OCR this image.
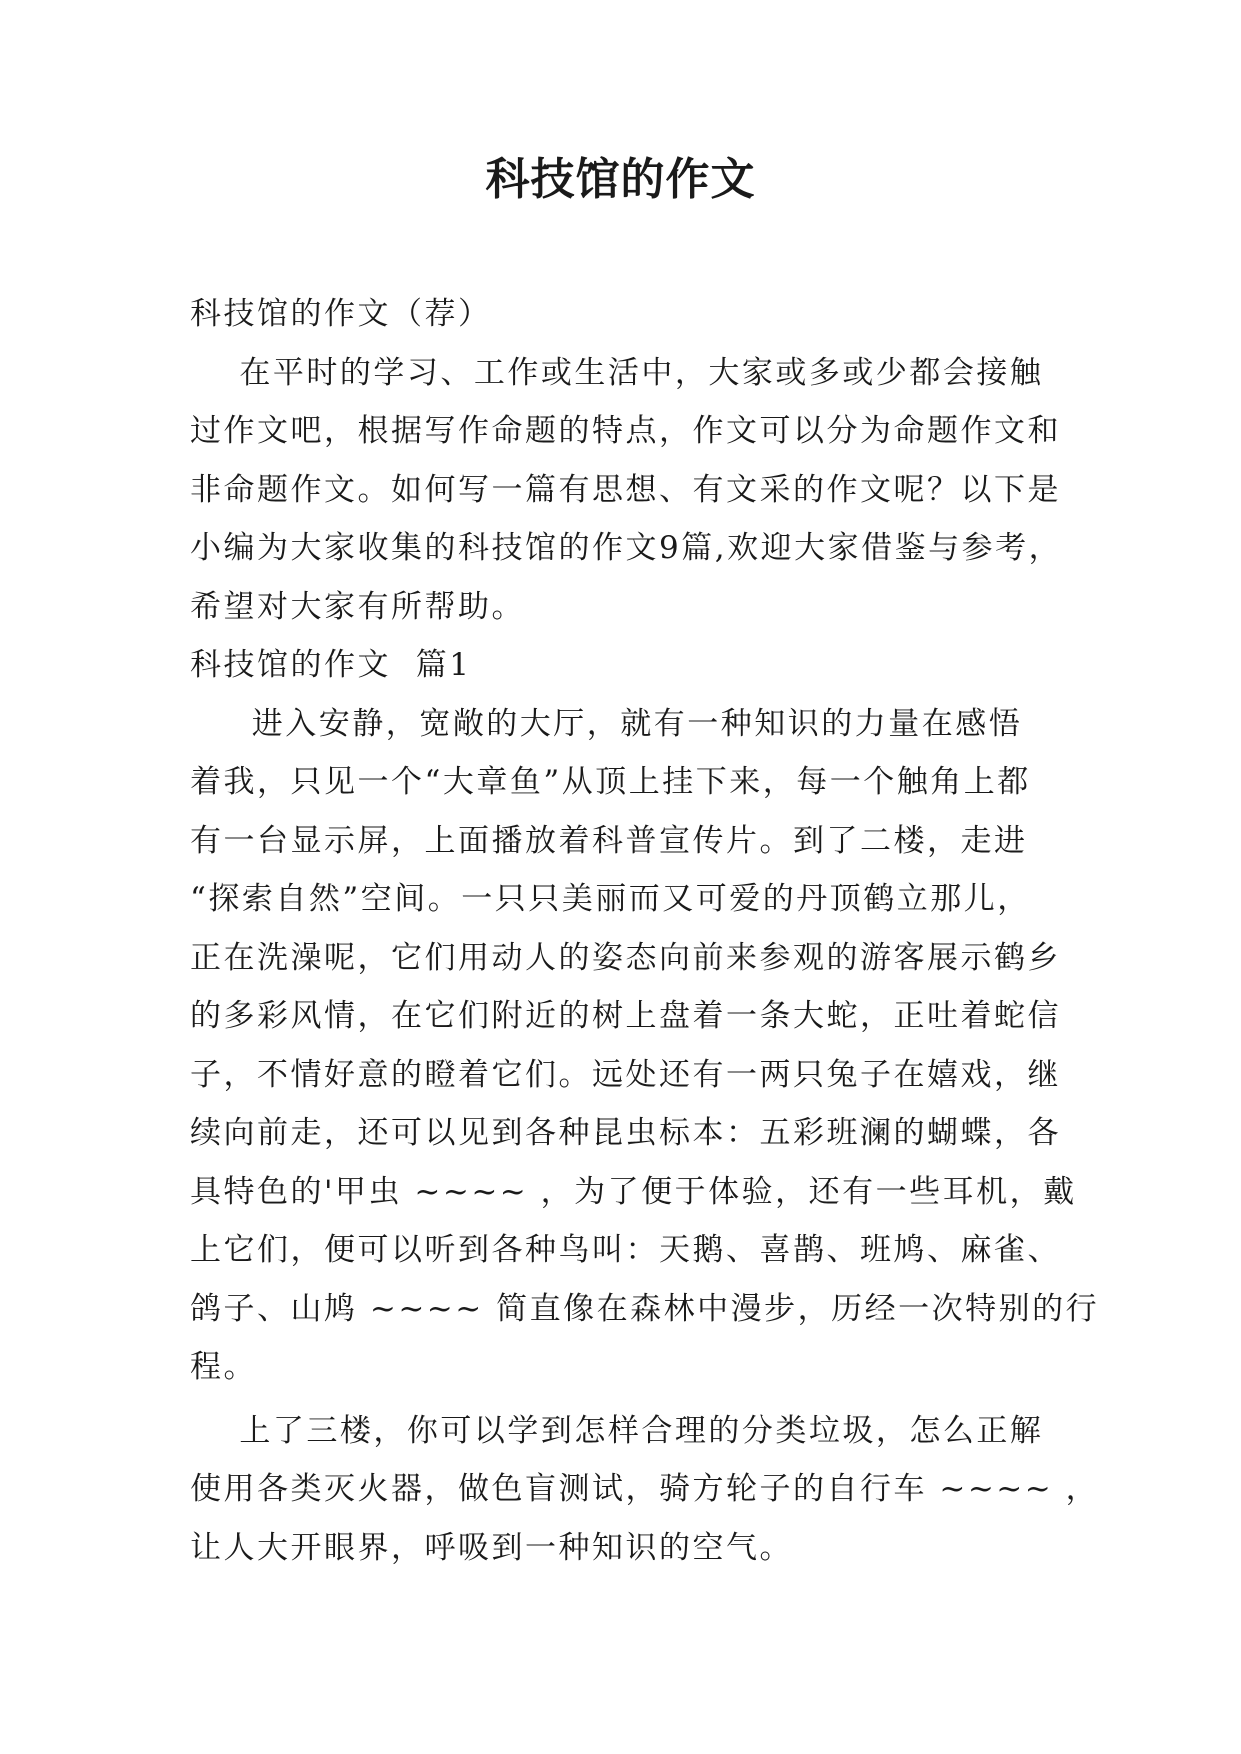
科技馆的作文
科技馆的作文（荐）
在平时的学习、工作或生活中，大家或多或少都会接触
过作文吧，根据写作命题的特点，作文可以分为命题作文和
非命题作文。如何写一篇有思想、有文采的作文呢？以下是
小编为大家收集的科技馆的作文9篇,欢迎大家借鉴与参考，
希望对大家有所帮助。
科技馆的作文  篇1
进入安静，宽敞的大厅，就有一种知识的力量在感悟
着我，只见一个“大章鱼”从顶上挂下来，每一个触角上都
有一台显示屏，上面播放着科普宣传片。到了二楼，走进
“探索自然”空间。一只只美丽而又可爱的丹顶鹤立那儿，
正在洗澡呢，它们用动人的姿态向前来参观的游客展示鹤乡
的多彩风情，在它们附近的树上盘着一条大蛇，正吐着蛇信
子，不情好意的瞪着它们。远处还有一两只兔子在嬉戏，继
续向前走，还可以见到各种昆虫标本：五彩班澜的蝴蝶，各
具特色的'甲虫 ~~~~ ，为了便于体验，还有一些耳机，戴
上它们，便可以听到各种鸟叫：天鹅、喜鹊、班鸠、麻雀、
鸽子、山鸠 ~~~~ 简直像在森林中漫步，历经一次特别的行
程。
上了三楼，你可以学到怎样合理的分类垃圾，怎么正解
使用各类灭火器，做色盲测试，骑方轮子的自行车 ~~~~ ，
让人大开眼界，呼吸到一种知识的空气。
